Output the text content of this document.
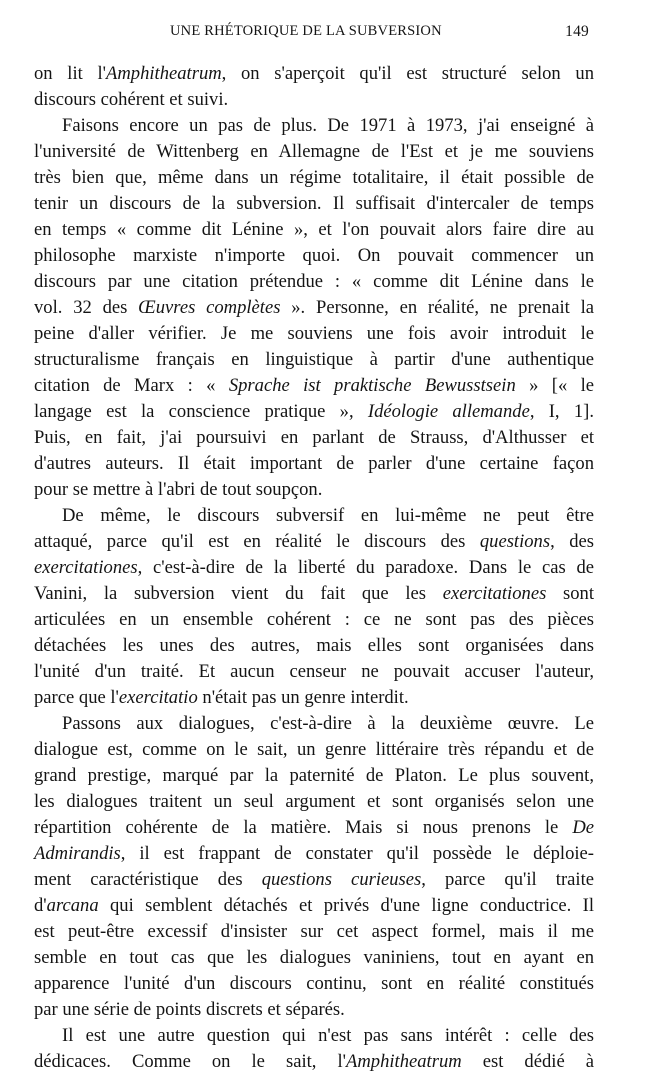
UNE RHÉTORIQUE DE LA SUBVERSION	149
on lit l'Amphitheatrum, on s'aperçoit qu'il est structuré selon un
discours cohérent et suivi.
Faisons encore un pas de plus. De 1971 à 1973, j'ai enseigné à
l'université de Wittenberg en Allemagne de l'Est et je me souviens
très bien que, même dans un régime totalitaire, il était possible de
tenir un discours de la subversion. Il suffisait d'intercaler de temps
en temps « comme dit Lénine », et l'on pouvait alors faire dire au
philosophe marxiste n'importe quoi. On pouvait commencer un
discours par une citation prétendue : « comme dit Lénine dans le
vol. 32 des Œuvres complètes ». Personne, en réalité, ne prenait la
peine d'aller vérifier. Je me souviens une fois avoir introduit le
structuralisme français en linguistique à partir d'une authentique
citation de Marx : « Sprache ist praktische Bewusstsein » [« le
langage est la conscience pratique », Idéologie allemande, I, 1].
Puis, en fait, j'ai poursuivi en parlant de Strauss, d'Althusser et
d'autres auteurs. Il était important de parler d'une certaine façon
pour se mettre à l'abri de tout soupçon.
De même, le discours subversif en lui-même ne peut être
attaqué, parce qu'il est en réalité le discours des questions, des
exercitationes, c'est-à-dire de la liberté du paradoxe. Dans le cas de
Vanini, la subversion vient du fait que les exercitationes sont
articulées en un ensemble cohérent : ce ne sont pas des pièces
détachées les unes des autres, mais elles sont organisées dans
l'unité d'un traité. Et aucun censeur ne pouvait accuser l'auteur,
parce que l'exercitatio n'était pas un genre interdit.
Passons aux dialogues, c'est-à-dire à la deuxième œuvre. Le
dialogue est, comme on le sait, un genre littéraire très répandu et de
grand prestige, marqué par la paternité de Platon. Le plus souvent,
les dialogues traitent un seul argument et sont organisés selon une
répartition cohérente de la matière. Mais si nous prenons le De
Admirandis, il est frappant de constater qu'il possède le déploie-
ment caractéristique des questions curieuses, parce qu'il traite
d'arcana qui semblent détachés et privés d'une ligne conductrice. Il
est peut-être excessif d'insister sur cet aspect formel, mais il me
semble en tout cas que les dialogues vaniniens, tout en ayant en
apparence l'unité d'un discours continu, sont en réalité constitués
par une série de points discrets et séparés.
Il est une autre question qui n'est pas sans intérêt : celle des
dédicaces. Comme on le sait, l'Amphitheatrum est dédié à
